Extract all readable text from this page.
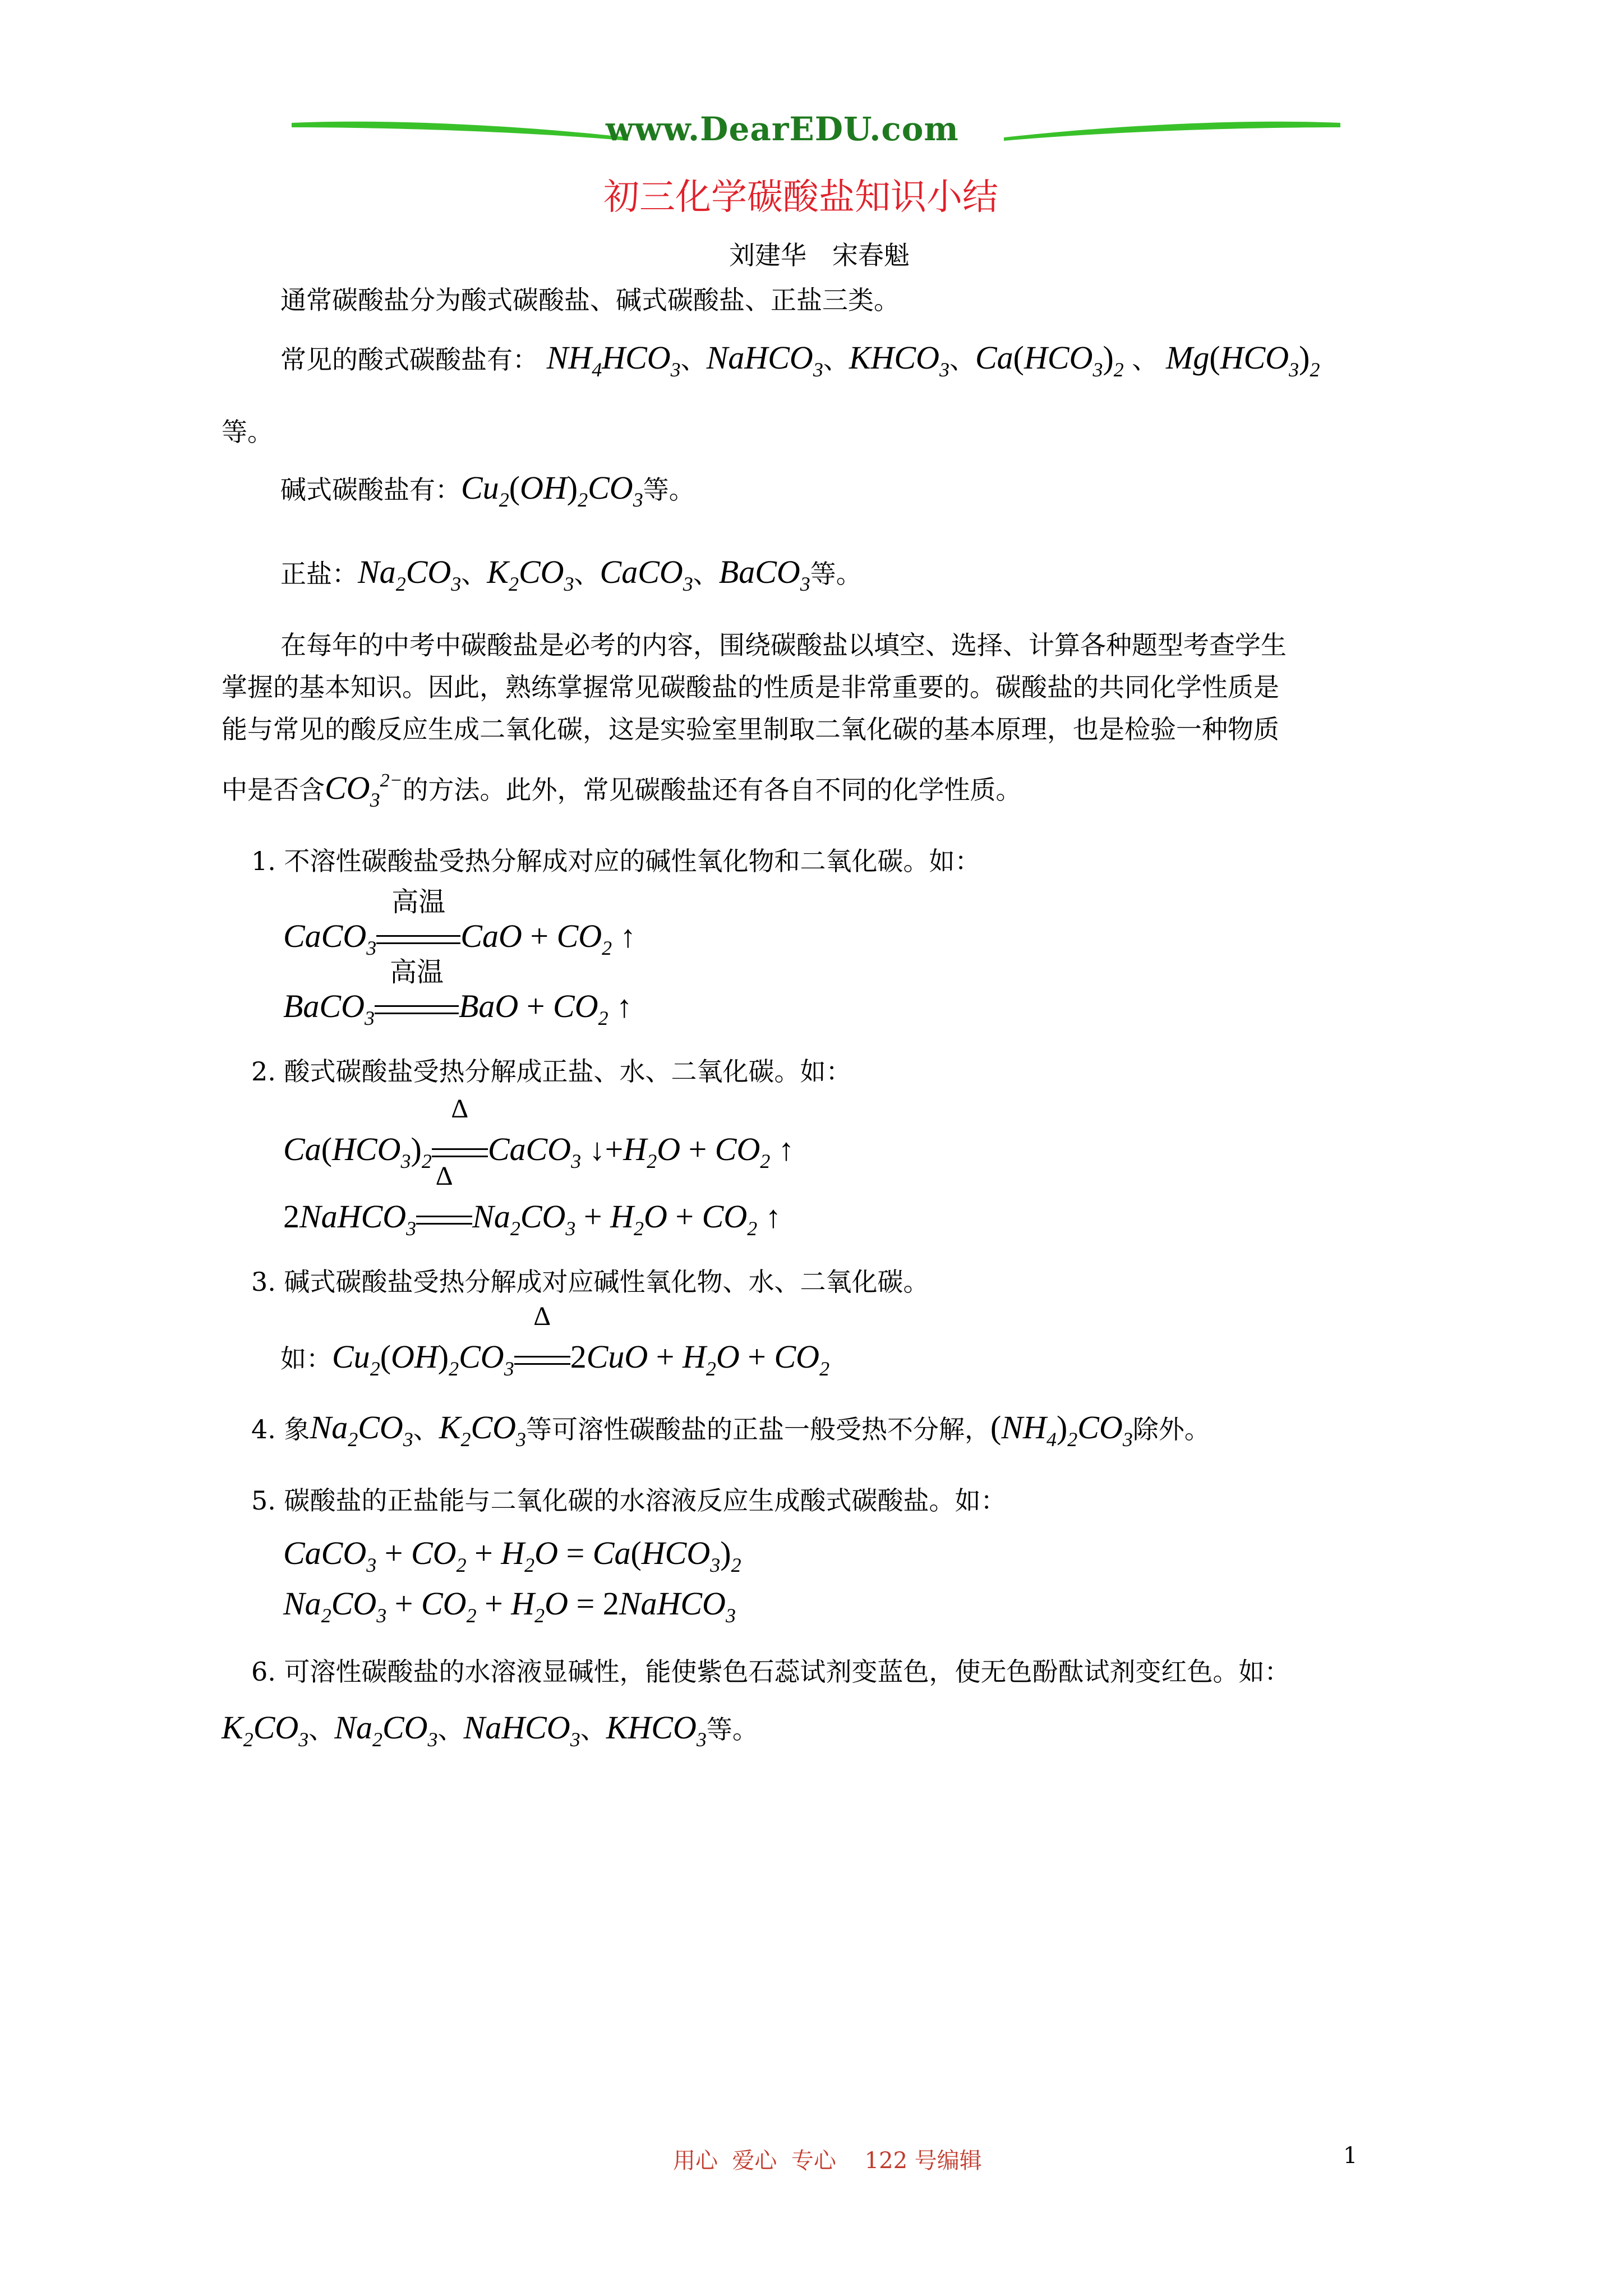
www.DearEDU.com
初三化学碳酸盐知识小结
刘建华　宋春魁
通常碳酸盐分为酸式碳酸盐、碱式碳酸盐、正盐三类。
常见的酸式碳酸盐有： $NH_4HCO_3$、NaHCO$_3$、$KHCO_3$、$Ca(HCO_3)_2$ 、 $Mg(HCO_3)_2$
等。
碱式碳酸盐有：$Cu_2(OH)_2CO_3$等。
正盐：$Na_2CO_3$、$K_2CO_3$、CaCO$_3$、BaCO$_3$等。
在每年的中考中碳酸盐是必考的内容，围绕碳酸盐以填空、选择、计算各种题型考查学生
掌握的基本知识。因此，熟练掌握常见碳酸盐的性质是非常重要的。碳酸盐的共同化学性质是
能与常见的酸反应生成二氧化碳，这是实验室里制取二氧化碳的基本原理，也是检验一种物质
中是否含$CO_3^{2-}$的方法。此外，常见碳酸盐还有各自不同的化学性质。
1. 不溶性碳酸盐受热分解成对应的碱性氧化物和二氧化碳。如：
CaCO$_3$
高温
CaO + $CO_2$ ↑
BaCO$_3$
高温
BaO + $CO_2$ ↑
2. 酸式碳酸盐受热分解成正盐、水、二氧化碳。如：
$Ca(HCO_3)_2$
Δ
CaCO$_3$ $↓+H_2O + CO_2$ ↑
2NaHCO$_3$
Δ
$Na_2CO_3 + H_2O + CO_2$ ↑
3. 碱式碳酸盐受热分解成对应碱性氧化物、水、二氧化碳。
如：$Cu_2(OH)_2CO_3$
Δ
$2CuO + H_2O + CO_2$
4. 象$Na_2CO_3$、$K_2CO_3$等可溶性碳酸盐的正盐一般受热不分解，$(NH_4)_2CO_3$除外。
5. 碳酸盐的正盐能与二氧化碳的水溶液反应生成酸式碳酸盐。如：
CaCO$_3$ + $CO_2 + H_2O = Ca(HCO_3)_2$
$Na_2CO_3 + CO_2 + H_2O$ = 2NaHCO$_3$
6. 可溶性碳酸盐的水溶液显碱性，能使紫色石蕊试剂变蓝色，使无色酚酞试剂变红色。如：
$K_2CO_3$、$Na_2CO_3$、NaHCO$_3$、$KHCO_3$等。
用心  爱心  专心    122 号编辑	1
